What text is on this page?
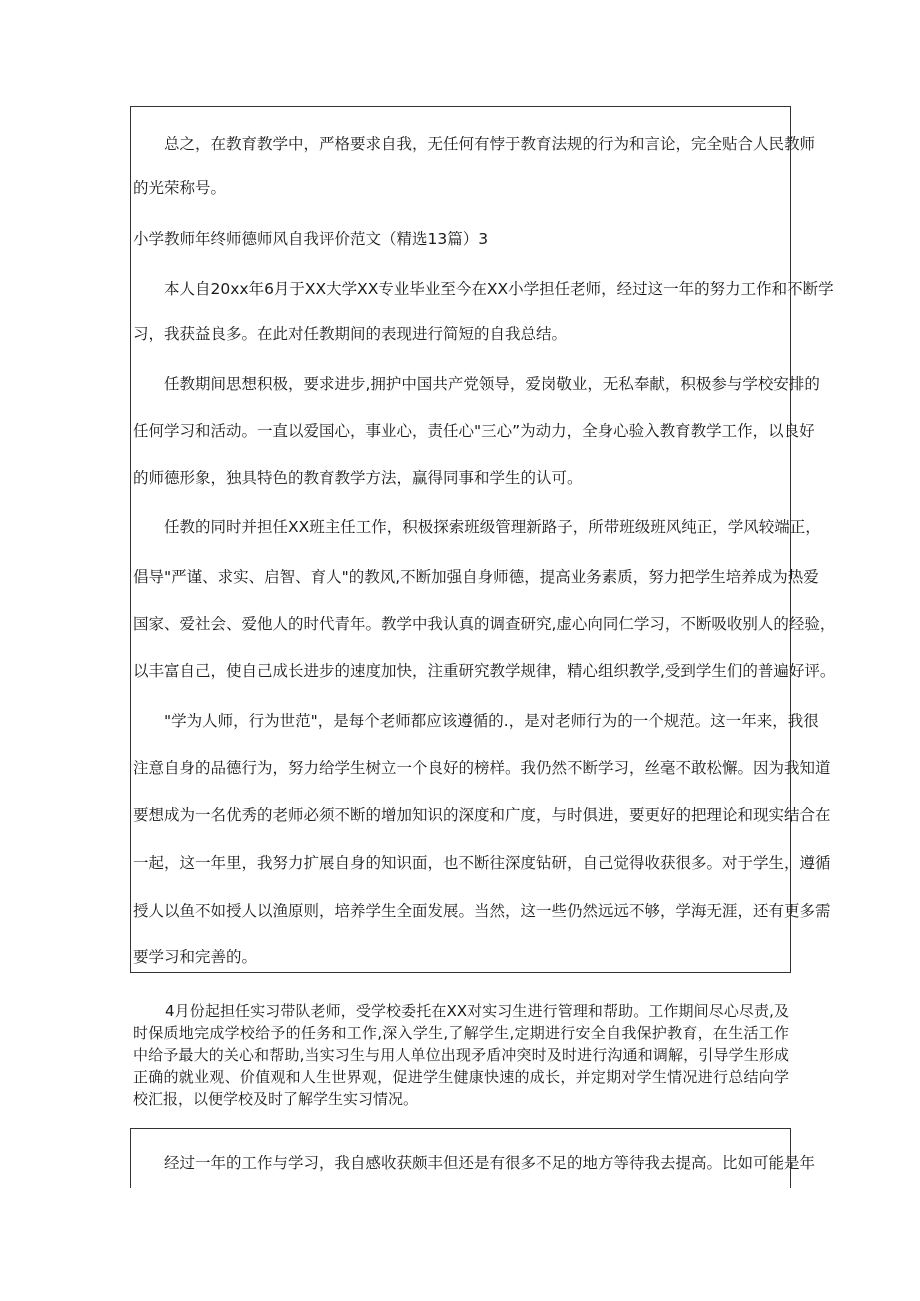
　　总之，在教育教学中，严格要求自我，无任何有悖于教育法规的行为和言论，完全贴合人民教师
的光荣称号。
小学教师年终师德师风自我评价范文（精选13篇）3
　　本人自20xx年6月于XX大学XX专业毕业至今在XX小学担任老师，经过这一年的努力工作和不断学
习，我获益良多。在此对任教期间的表现进行简短的自我总结。
　　任教期间思想积极，要求进步,拥护中国共产党领导，爱岗敬业，无私奉献，积极参与学校安排的
任何学习和活动。一直以爱国心，事业心，责任心"三心”为动力，全身心验入教育教学工作，以良好
的师德形象，独具特色的教育教学方法，赢得同事和学生的认可。
　　任教的同时并担任XX班主任工作，积极探索班级管理新路子，所带班级班风纯正，学风较端正，
倡导"严谨、求实、启智、育人"的教风,不断加强自身师德，提高业务素质，努力把学生培养成为热爱
国家、爱社会、爱他人的时代青年。教学中我认真的调查研究,虚心向同仁学习，不断吸收别人的经验，
以丰富自己，使自己成长进步的速度加快，注重研究教学规律，精心组织教学,受到学生们的普遍好评。
　　"学为人师，行为世范"，是每个老师都应该遵循的.，是对老师行为的一个规范。这一年来，我很
注意自身的品德行为，努力给学生树立一个良好的榜样。我仍然不断学习，丝毫不敢松懈。因为我知道
要想成为一名优秀的老师必须不断的增加知识的深度和广度，与时俱进，要更好的把理论和现实结合在
一起，这一年里，我努力扩展自身的知识面，也不断往深度钻研，自己觉得收获很多。对于学生，遵循
授人以鱼不如授人以渔原则，培养学生全面发展。当然，这一些仍然远远不够，学海无涯，还有更多需
要学习和完善的。

4月份起担任实习带队老师，受学校委托在XX对实习生进行管理和帮助。工作期间尽心尽责,及时保质地完成学校给予的任务和工作,深入学生,了解学生,定期进行安全自我保护教育，在生活工作中给予最大的关心和帮助,当实习生与用人单位出现矛盾冲突时及时进行沟通和调解，引导学生形成正确的就业观、价值观和人生世界观，促进学生健康快速的成长，并定期对学生情况进行总结向学校汇报，以便学校及时了解学生实习情况。

　　经过一年的工作与学习，我自感收获颇丰但还是有很多不足的地方等待我去提高。比如可能是年
